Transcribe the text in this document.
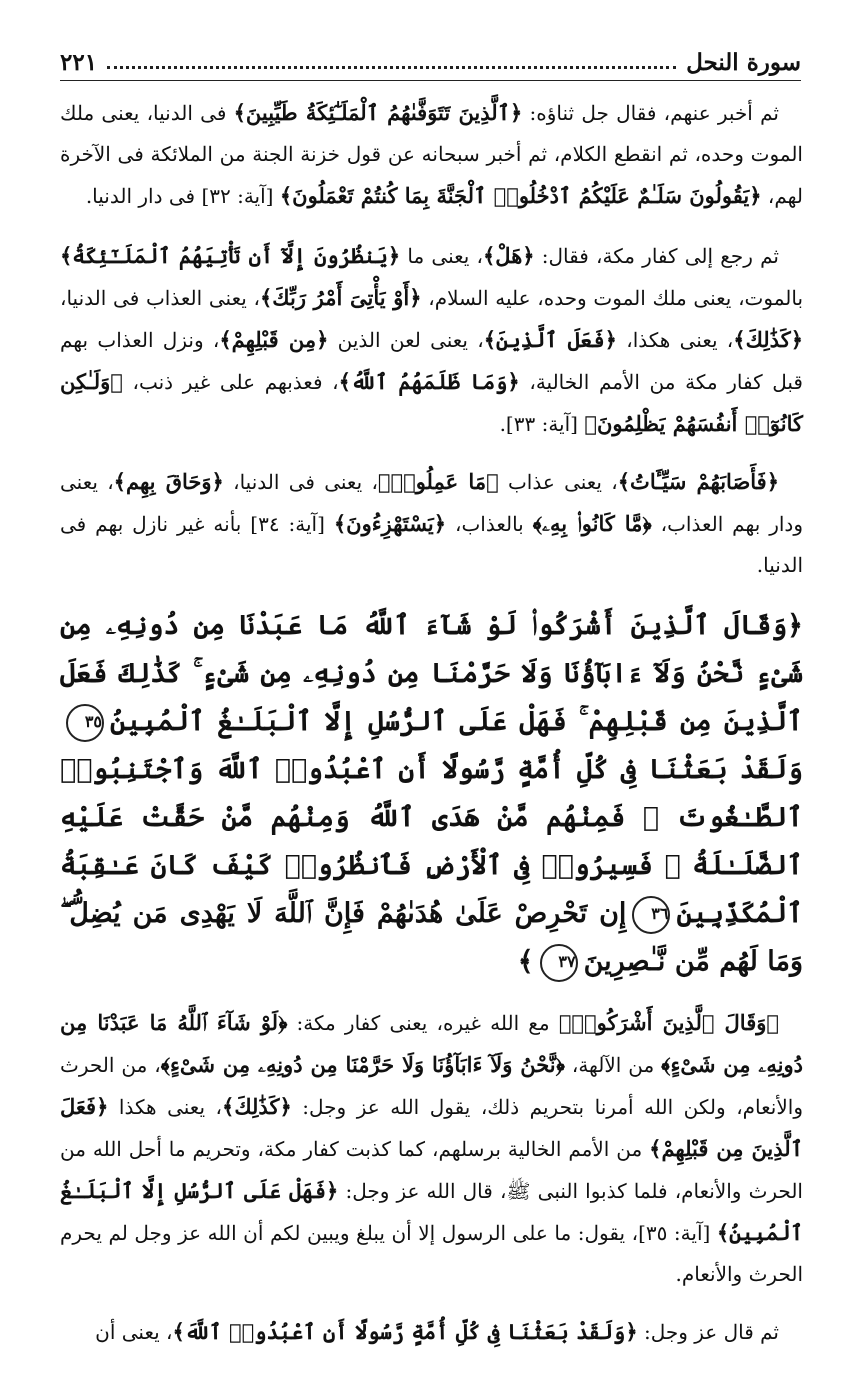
سورة النحل
٢٢١

ثم أخبر عنهم، فقال جل ثناؤه: ﴿ٱلَّذِينَ تَتَوَفَّىٰهُمُ ٱلْمَلَـٰٓئِكَةُ طَيِّبِينَ﴾ فى الدنيا، يعنى ملك الموت وحده، ثم انقطع الكلام، ثم أخبر سبحانه عن قول خزنة الجنة من الملائكة فى الآخرة لهم، ﴿يَقُولُونَ سَلَـٰمٌ عَلَيْكُمُ ٱدْخُلُوا۟ ٱلْجَنَّةَ بِمَا كُنتُمْ تَعْمَلُونَ﴾ [آية: ٣٢] فى دار الدنيا.

ثم رجع إلى كفار مكة، فقال: ﴿هَلْ﴾، يعنى ما ﴿يَنظُرُونَ إِلَّآ أَن تَأْتِيَهُمُ ٱلْمَلَـٰٓئِكَةُ﴾ بالموت، يعنى ملك الموت وحده، عليه السلام، ﴿أَوْ يَأْتِىَ أَمْرُ رَبِّكَ﴾، يعنى العذاب فى الدنيا، ﴿كَذَٰلِكَ﴾، يعنى هكذا، ﴿فَعَلَ ٱلَّذِينَ﴾، يعنى لعن الذين ﴿مِن قَبْلِهِمْ﴾، ونزل العذاب بهم قبل كفار مكة من الأمم الخالية، ﴿وَمَا ظَلَمَهُمُ ٱللَّهُ﴾، فعذبهم على غير ذنب، ﴿وَلَـٰكِن كَانُوٓا۟ أَنفُسَهُمْ يَظْلِمُونَ﴾ [آية: ٣٣].

﴿فَأَصَابَهُمْ سَيِّـَٔاتُ﴾، يعنى عذاب ﴿مَا عَمِلُوا۟﴾، يعنى فى الدنيا، ﴿وَحَاقَ بِهِم﴾، يعنى ودار بهم العذاب، ﴿مَّا كَانُوا۟ بِهِۦ﴾ بالعذاب، ﴿يَسْتَهْزِءُونَ﴾ [آية: ٣٤] بأنه غير نازل بهم فى الدنيا.

﴿وَقَالَ ٱلَّذِينَ أَشْرَكُوا۟ لَوْ شَآءَ ٱللَّهُ مَا عَبَدْنَا مِن دُونِهِۦ مِن شَىْءٍ نَّحْنُ وَلَآ ءَابَآؤُنَا وَلَا حَرَّمْنَا مِن دُونِهِۦ مِن شَىْءٍ ۚ كَذَٰلِكَ فَعَلَ ٱلَّذِينَ مِن قَبْلِهِمْ ۚ فَهَلْ عَلَى ٱلرُّسُلِ إِلَّا ٱلْبَلَـٰغُ ٱلْمُبِينُ٣٥وَلَقَدْ بَعَثْنَا فِى كُلِّ أُمَّةٍ رَّسُولًا أَنِ ٱعْبُدُوا۟ ٱللَّهَ وَٱجْتَنِبُوا۟ ٱلطَّـٰغُوتَ ۖ فَمِنْهُم مَّنْ هَدَى ٱللَّهُ وَمِنْهُم مَّنْ حَقَّتْ عَلَيْهِ ٱلضَّلَـٰلَةُ ۚ فَسِيرُوا۟ فِى ٱلْأَرْضِ فَٱنظُرُوا۟ كَيْفَ كَانَ عَـٰقِبَةُ ٱلْمُكَذِّبِينَ٣٦إِن تَحْرِصْ عَلَىٰ هُدَىٰهُمْ فَإِنَّ ٱللَّهَ لَا يَهْدِى مَن يُضِلُّ ۖ وَمَا لَهُم مِّن نَّـٰصِرِينَ٣٧﴾

﴿وَقَالَ ٱلَّذِينَ أَشْرَكُوا۟﴾ مع الله غيره، يعنى كفار مكة: ﴿لَوْ شَآءَ ٱللَّهُ مَا عَبَدْنَا مِن دُونِهِۦ مِن شَىْءٍ﴾ من الآلهة، ﴿نَّحْنُ وَلَآ ءَابَآؤُنَا وَلَا حَرَّمْنَا مِن دُونِهِۦ مِن شَىْءٍ﴾، من الحرث والأنعام، ولكن الله أمرنا بتحريم ذلك، يقول الله عز وجل: ﴿كَذَٰلِكَ﴾، يعنى هكذا ﴿فَعَلَ ٱلَّذِينَ مِن قَبْلِهِمْ﴾ من الأمم الخالية برسلهم، كما كذبت كفار مكة، وتحريم ما أحل الله من الحرث والأنعام، فلما كذبوا النبى ﷺ، قال الله عز وجل: ﴿فَهَلْ عَلَى ٱلرُّسُلِ إِلَّا ٱلْبَلَـٰغُ ٱلْمُبِينُ﴾ [آية: ٣٥]، يقول: ما على الرسول إلا أن يبلغ ويبين لكم أن الله عز وجل لم يحرم الحرث والأنعام.

ثم قال عز وجل: ﴿وَلَقَدْ بَعَثْنَا فِى كُلِّ أُمَّةٍ رَّسُولًا أَنِ ٱعْبُدُوا۟ ٱللَّهَ﴾، يعنى أن
